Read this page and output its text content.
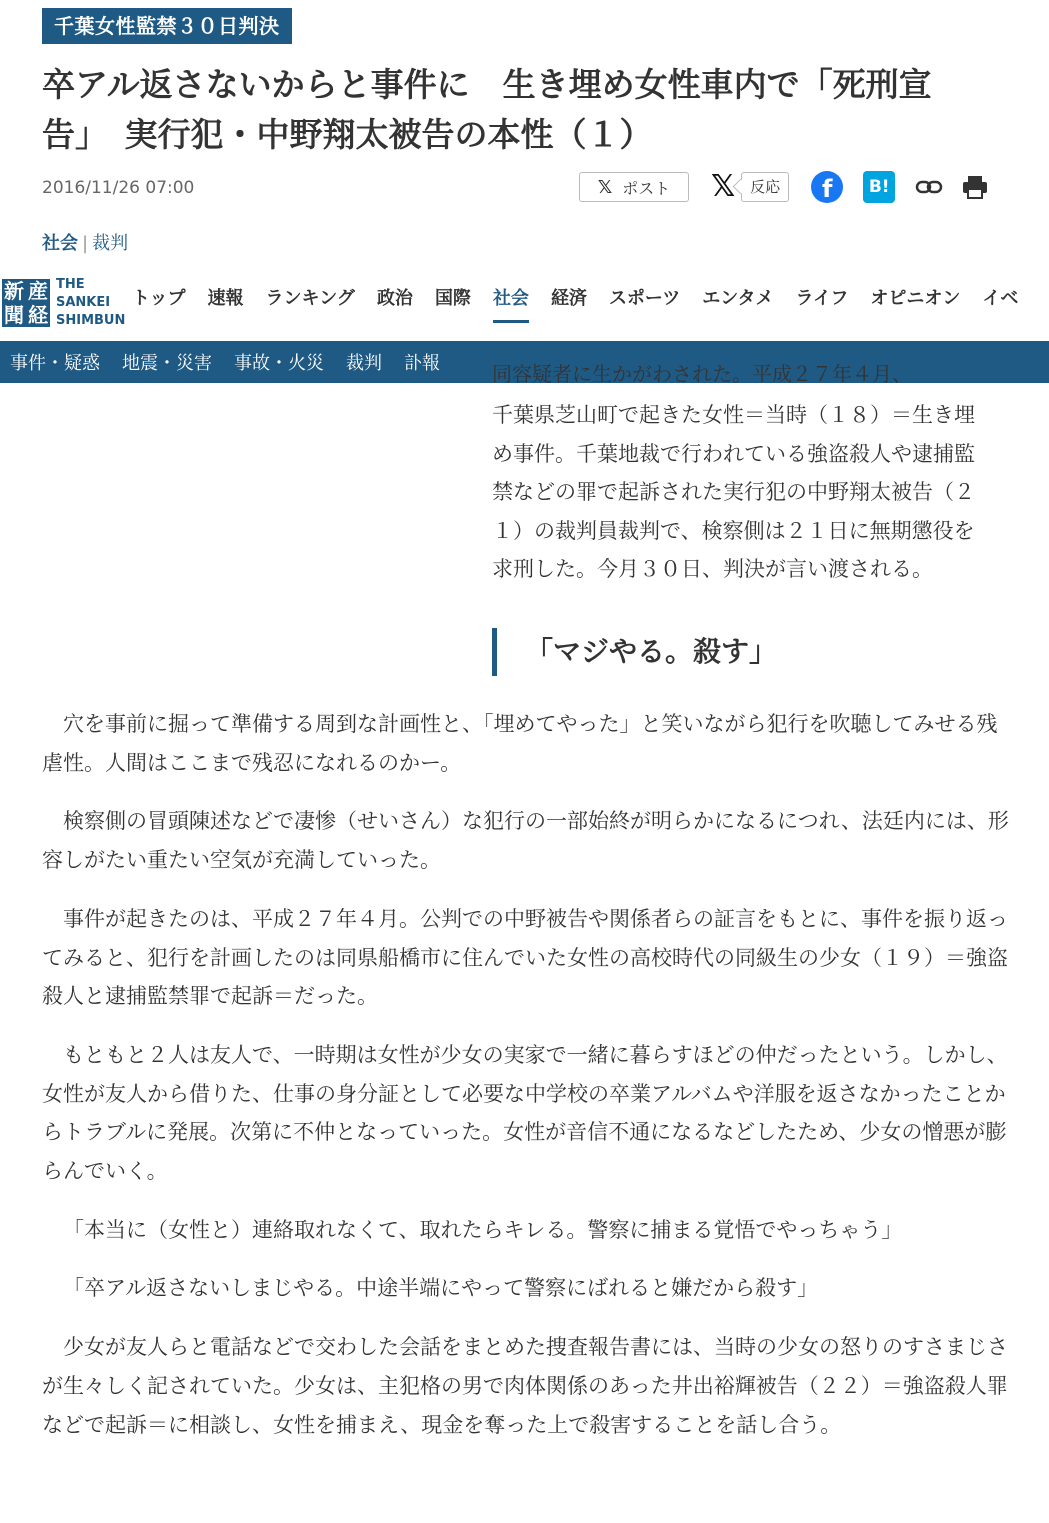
千葉女性監禁３０日判決
卒アル返さないからと事件に　生き埋め女性車内で「死刑宣
告」　実行犯・中野翔太被告の本性（１）
2016/11/26 07:00	𝕏 ポスト 𝕏	反応	f	B!
社会 | 裁判
新 産
聞 経
THE
SANKEI
SHIMBUN
トップ 速報 ランキング 政治 国際 社会 経済 スポーツ エンタメ ライフ オピニオン イベ
事件・疑惑 地震・災害 事故・火災 裁判 訃報	同容疑者に生かがわされた。平成２７年４月、

千葉県芝山町で起きた女性＝当時（１８）＝生き埋
め事件。千葉地裁で行われている強盗殺人や逮捕監
禁などの罪で起訴された実行犯の中野翔太被告（２
１）の裁判員裁判で、検察側は２１日に無期懲役を
求刑した。今月３０日、判決が言い渡される。

「マジやる。殺す」

穴を事前に掘って準備する周到な計画性と、「埋めてやった」と笑いながら犯行を吹聴してみせる残虐性。人間はここまで残忍になれるのかー。

検察側の冒頭陳述などで凄惨（せいさん）な犯行の一部始終が明らかになるにつれ、法廷内には、形容しがたい重たい空気が充満していった。

事件が起きたのは、平成２７年４月。公判での中野被告や関係者らの証言をもとに、事件を振り返ってみると、犯行を計画したのは同県船橋市に住んでいた女性の高校時代の同級生の少女（１９）＝強盗殺人と逮捕監禁罪で起訴＝だった。

もともと２人は友人で、一時期は女性が少女の実家で一緒に暮らすほどの仲だったという。しかし、女性が友人から借りた、仕事の身分証として必要な中学校の卒業アルバムや洋服を返さなかったことからトラブルに発展。次第に不仲となっていった。女性が音信不通になるなどしたため、少女の憎悪が膨らんでいく。

「本当に（女性と）連絡取れなくて、取れたらキレる。警察に捕まる覚悟でやっちゃう」

「卒アル返さないしまじやる。中途半端にやって警察にばれると嫌だから殺す」

少女が友人らと電話などで交わした会話をまとめた捜査報告書には、当時の少女の怒りのすさまじさが生々しく記されていた。少女は、主犯格の男で肉体関係のあった井出裕輝被告（２２）＝強盗殺人罪などで起訴＝に相談し、女性を捕まえ、現金を奪った上で殺害することを話し合う。
